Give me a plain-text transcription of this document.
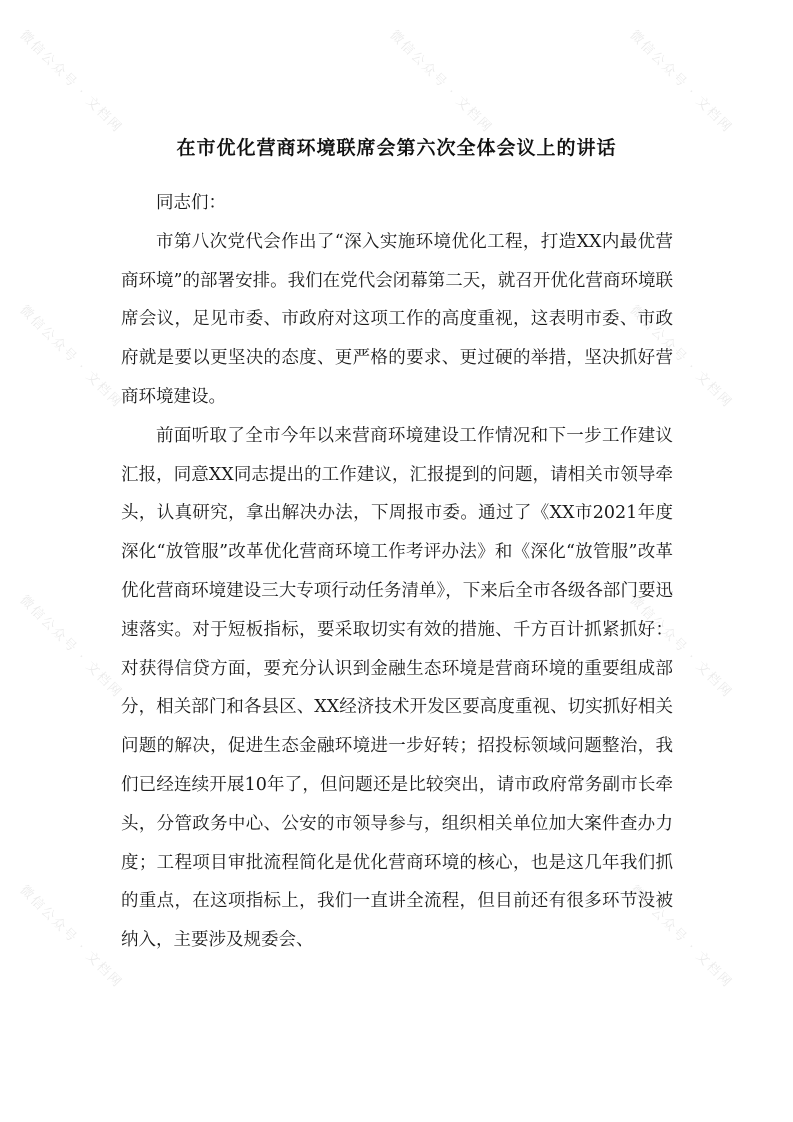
微信公众号 · 文档网	微信公众号 · 文档网	微信公众号 · 文档网
微信公众号 · 文档网	微信公众号 · 文档网
微信公众号 · 文档网	微信公众号 · 文档网
微信公众号 · 文档网	微信公众号 · 文档网
在市优化营商环境联席会第六次全体会议上的讲话

同志们：

市第八次党代会作出了“深入实施环境优化工程，打造XX内最优营商环境”的部署安排。我们在党代会闭幕第二天，就召开优化营商环境联席会议，足见市委、市政府对这项工作的高度重视，这表明市委、市政府就是要以更坚决的态度、更严格的要求、更过硬的举措，坚决抓好营商环境建设。

前面听取了全市今年以来营商环境建设工作情况和下一步工作建议汇报，同意XX同志提出的工作建议，汇报提到的问题，请相关市领导牵头，认真研究，拿出解决办法，下周报市委。通过了《XX市2021年度深化“放管服”改革优化营商环境工作考评办法》和《深化“放管服”改革优化营商环境建设三大专项行动任务清单》，下来后全市各级各部门要迅速落实。对于短板指标，要采取切实有效的措施、千方百计抓紧抓好：对获得信贷方面，要充分认识到金融生态环境是营商环境的重要组成部分，相关部门和各县区、XX经济技术开发区要高度重视、切实抓好相关问题的解决，促进生态金融环境进一步好转；招投标领域问题整治，我们已经连续开展10年了，但问题还是比较突出，请市政府常务副市长牵头，分管政务中心、公安的市领导参与，组织相关单位加大案件查办力度；工程项目审批流程简化是优化营商环境的核心，也是这几年我们抓的重点，在这项指标上，我们一直讲全流程，但目前还有很多环节没被纳入，主要涉及规委会、
